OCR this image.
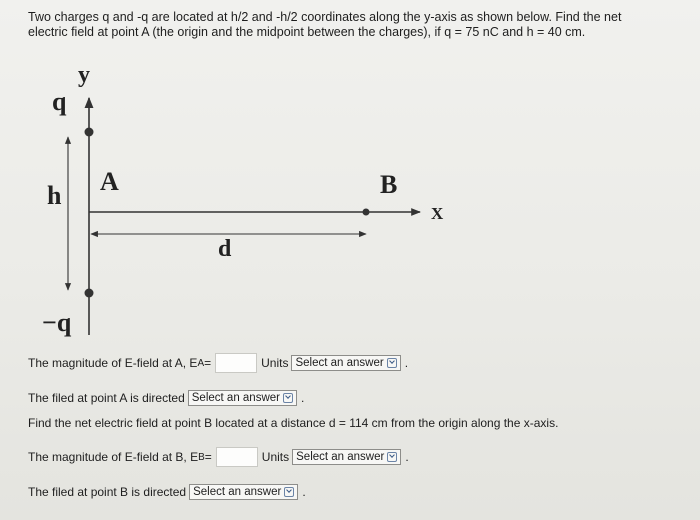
Two charges q and -q are located at h/2 and -h/2 coordinates along the y-axis as shown below. Find the net
electric field at point A (the origin and the midpoint between the charges), if q = 75 nC and h = 40 cm.
y
q
h A	B
X
d
−q
The magnitude of E-field at A, E A =	Units Select an answer .
The filed at point A is directed Select an answer .
Find the net electric field at point B located at a distance d = 114 cm from the origin along the x-axis.
The magnitude of E-field at B, E B =	Units Select an answer .
The filed at point B is directed Select an answer .
